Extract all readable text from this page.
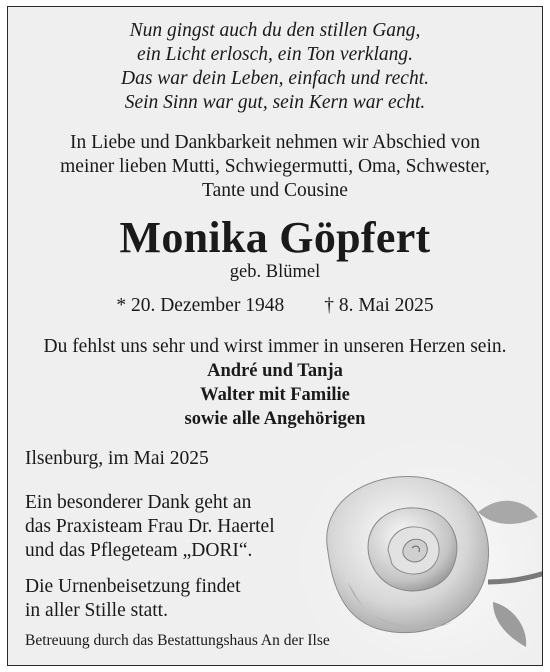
Nun gingst auch du den stillen Gang,
ein Licht erlosch, ein Ton verklang.
Das war dein Leben, einfach und recht.
Sein Sinn war gut, sein Kern war echt.
In Liebe und Dankbarkeit nehmen wir Abschied von
meiner lieben Mutti, Schwiegermutti, Oma, Schwester,
Tante und Cousine
Monika Göpfert
geb. Blümel
* 20. Dezember 1948 † 8. Mai 2025
Du fehlst uns sehr und wirst immer in unseren Herzen sein.
André und Tanja
Walter mit Familie
sowie alle Angehörigen
Ilsenburg, im Mai 2025
Ein besonderer Dank geht an
das Praxisteam Frau Dr. Haertel
und das Pflegeteam „DORI“.
Die Urnenbeisetzung findet
in aller Stille statt.
Betreuung durch das Bestattungshaus An der Ilse
